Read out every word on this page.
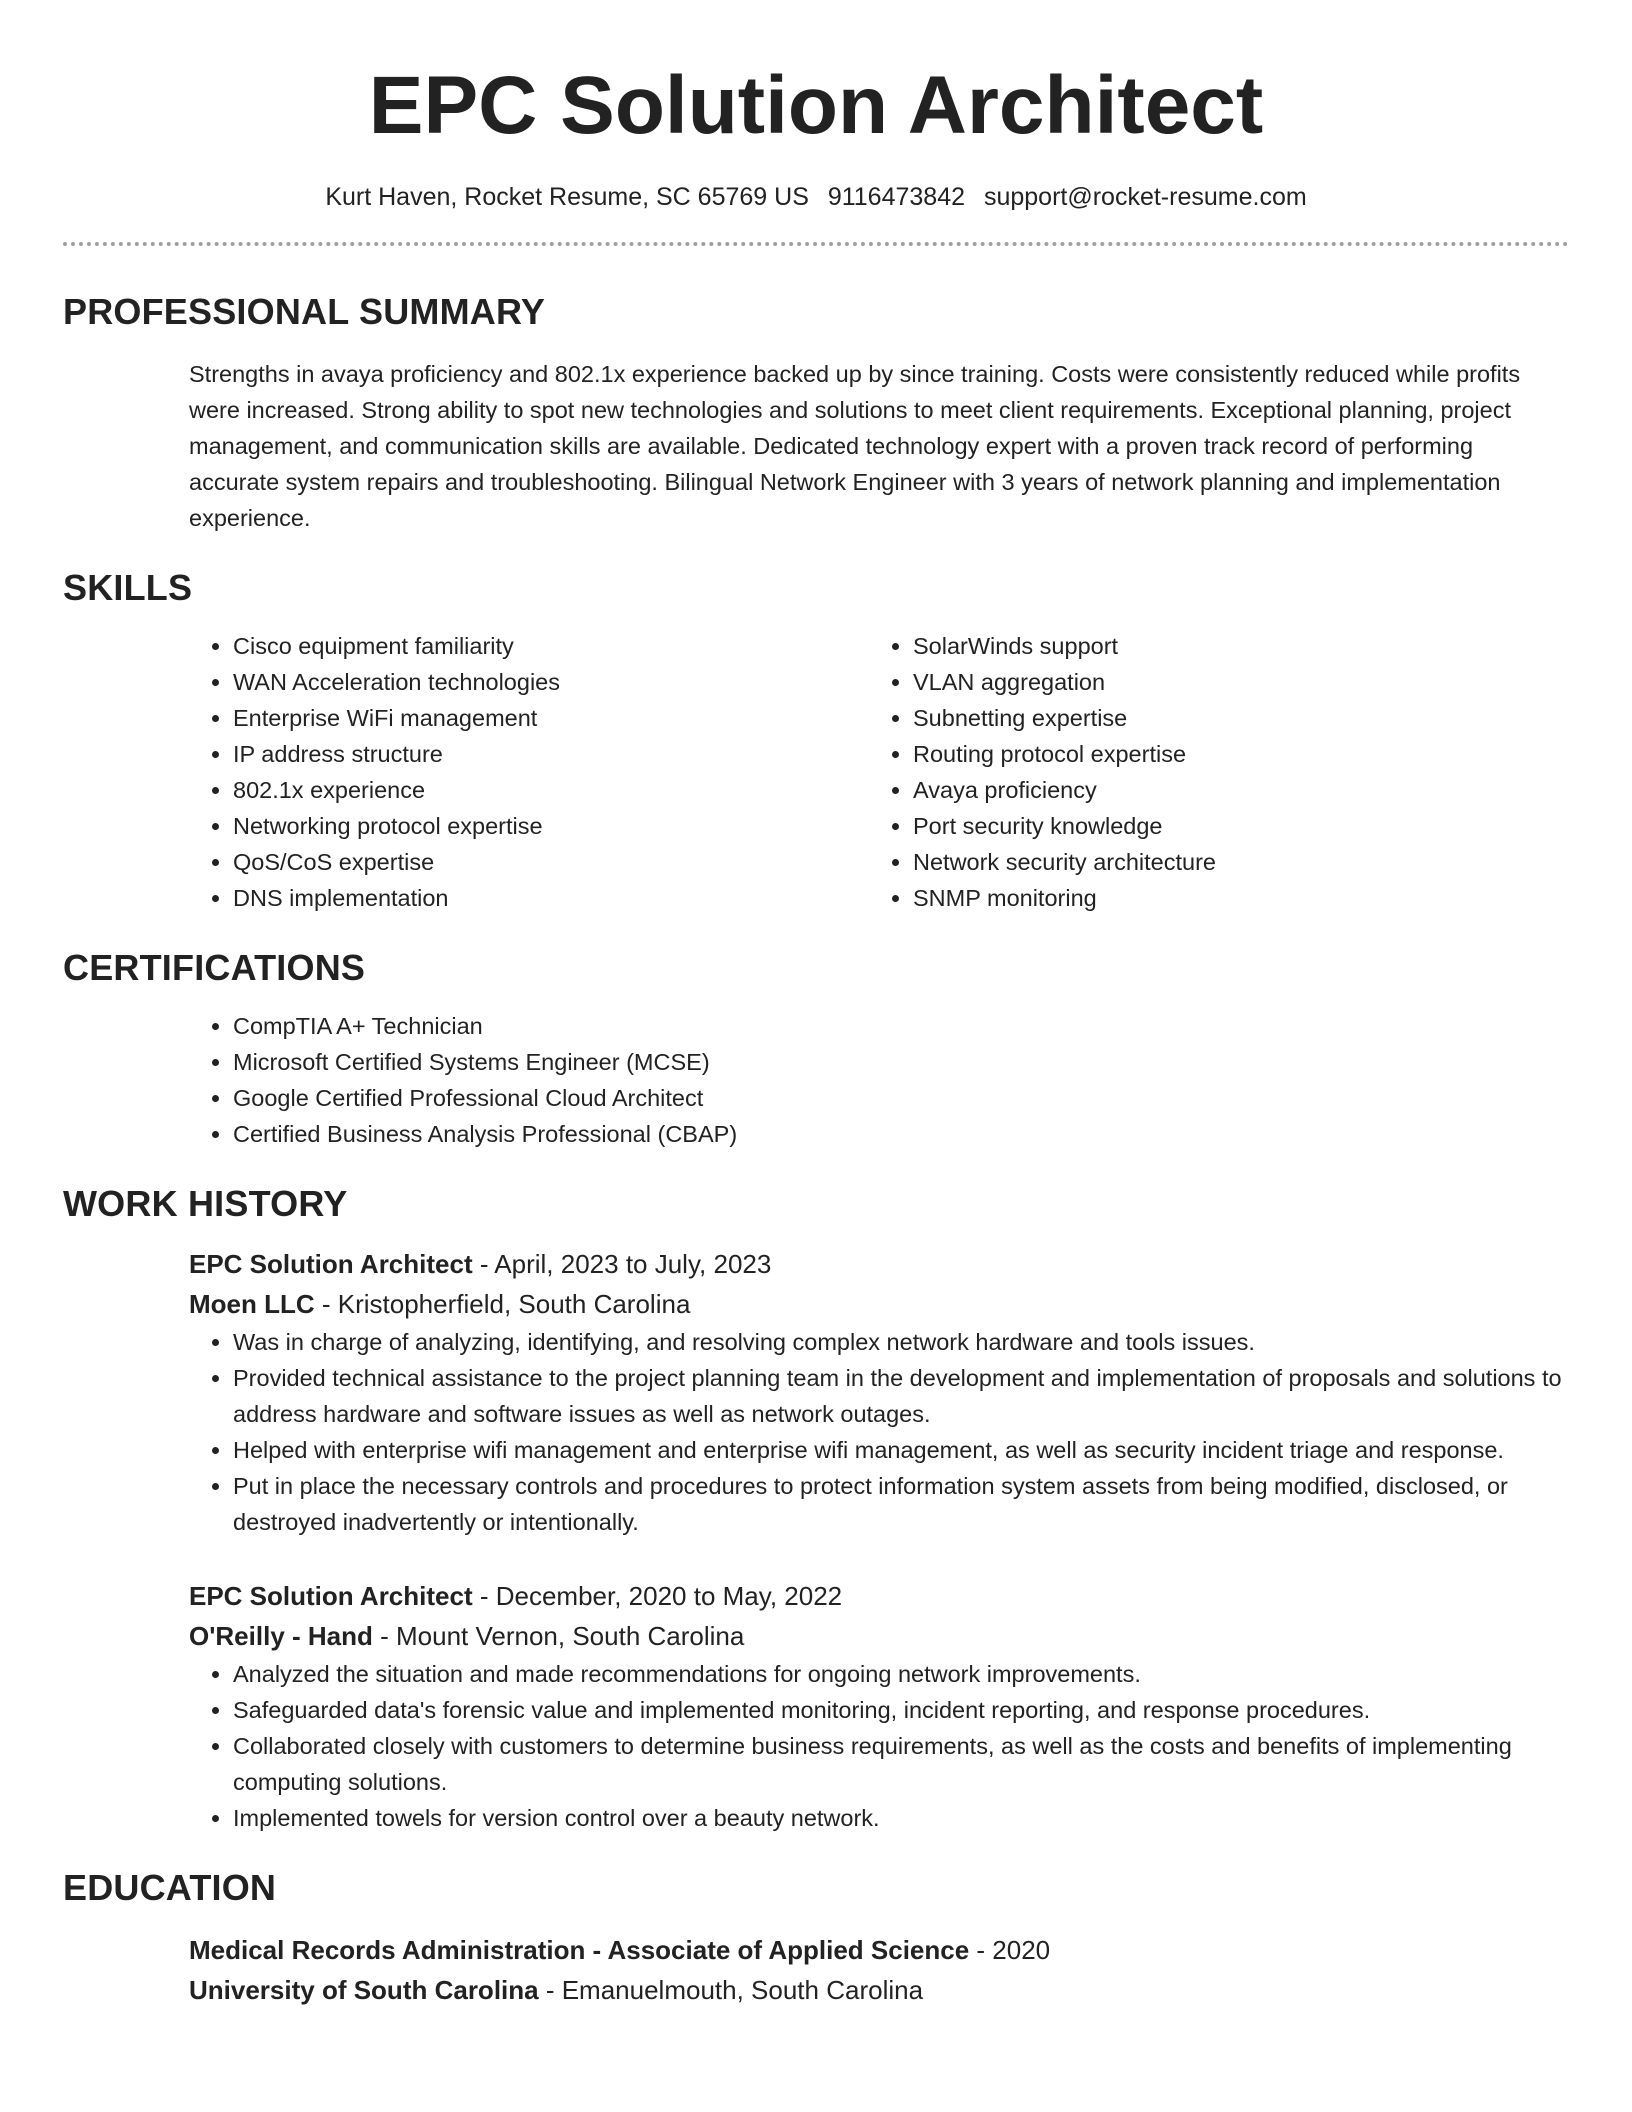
EPC Solution Architect
Kurt Haven, Rocket Resume, SC 65769 US 9116473842 support@rocket-resume.com
PROFESSIONAL SUMMARY

Strengths in avaya proficiency and 802.1x experience backed up by since training. Costs were consistently reduced while profits were increased. Strong ability to spot new technologies and solutions to meet client requirements. Exceptional planning, project management, and communication skills are available. Dedicated technology expert with a proven track record of performing accurate system repairs and troubleshooting. Bilingual Network Engineer with 3 years of network planning and implementation experience.

SKILLS
• Cisco equipment familiarity
• WAN Acceleration technologies
• Enterprise WiFi management
• IP address structure
• 802.1x experience
• Networking protocol expertise
• QoS/CoS expertise
• DNS implementation
• SolarWinds support
• VLAN aggregation
• Subnetting expertise
• Routing protocol expertise
• Avaya proficiency
• Port security knowledge
• Network security architecture
• SNMP monitoring
CERTIFICATIONS
• CompTIA A+ Technician
• Microsoft Certified Systems Engineer (MCSE)
• Google Certified Professional Cloud Architect
• Certified Business Analysis Professional (CBAP)
WORK HISTORY
EPC Solution Architect - April, 2023 to July, 2023
Moen LLC - Kristopherfield, South Carolina
• Was in charge of analyzing, identifying, and resolving complex network hardware and tools issues.
• Provided technical assistance to the project planning team in the development and implementation of proposals and solutions to address hardware and software issues as well as network outages.
• Helped with enterprise wifi management and enterprise wifi management, as well as security incident triage and response.
• Put in place the necessary controls and procedures to protect information system assets from being modified, disclosed, or destroyed inadvertently or intentionally.
EPC Solution Architect - December, 2020 to May, 2022
O'Reilly - Hand - Mount Vernon, South Carolina
• Analyzed the situation and made recommendations for ongoing network improvements.
• Safeguarded data's forensic value and implemented monitoring, incident reporting, and response procedures.
• Collaborated closely with customers to determine business requirements, as well as the costs and benefits of implementing computing solutions.
• Implemented towels for version control over a beauty network.
EDUCATION
Medical Records Administration - Associate of Applied Science - 2020
University of South Carolina - Emanuelmouth, South Carolina
